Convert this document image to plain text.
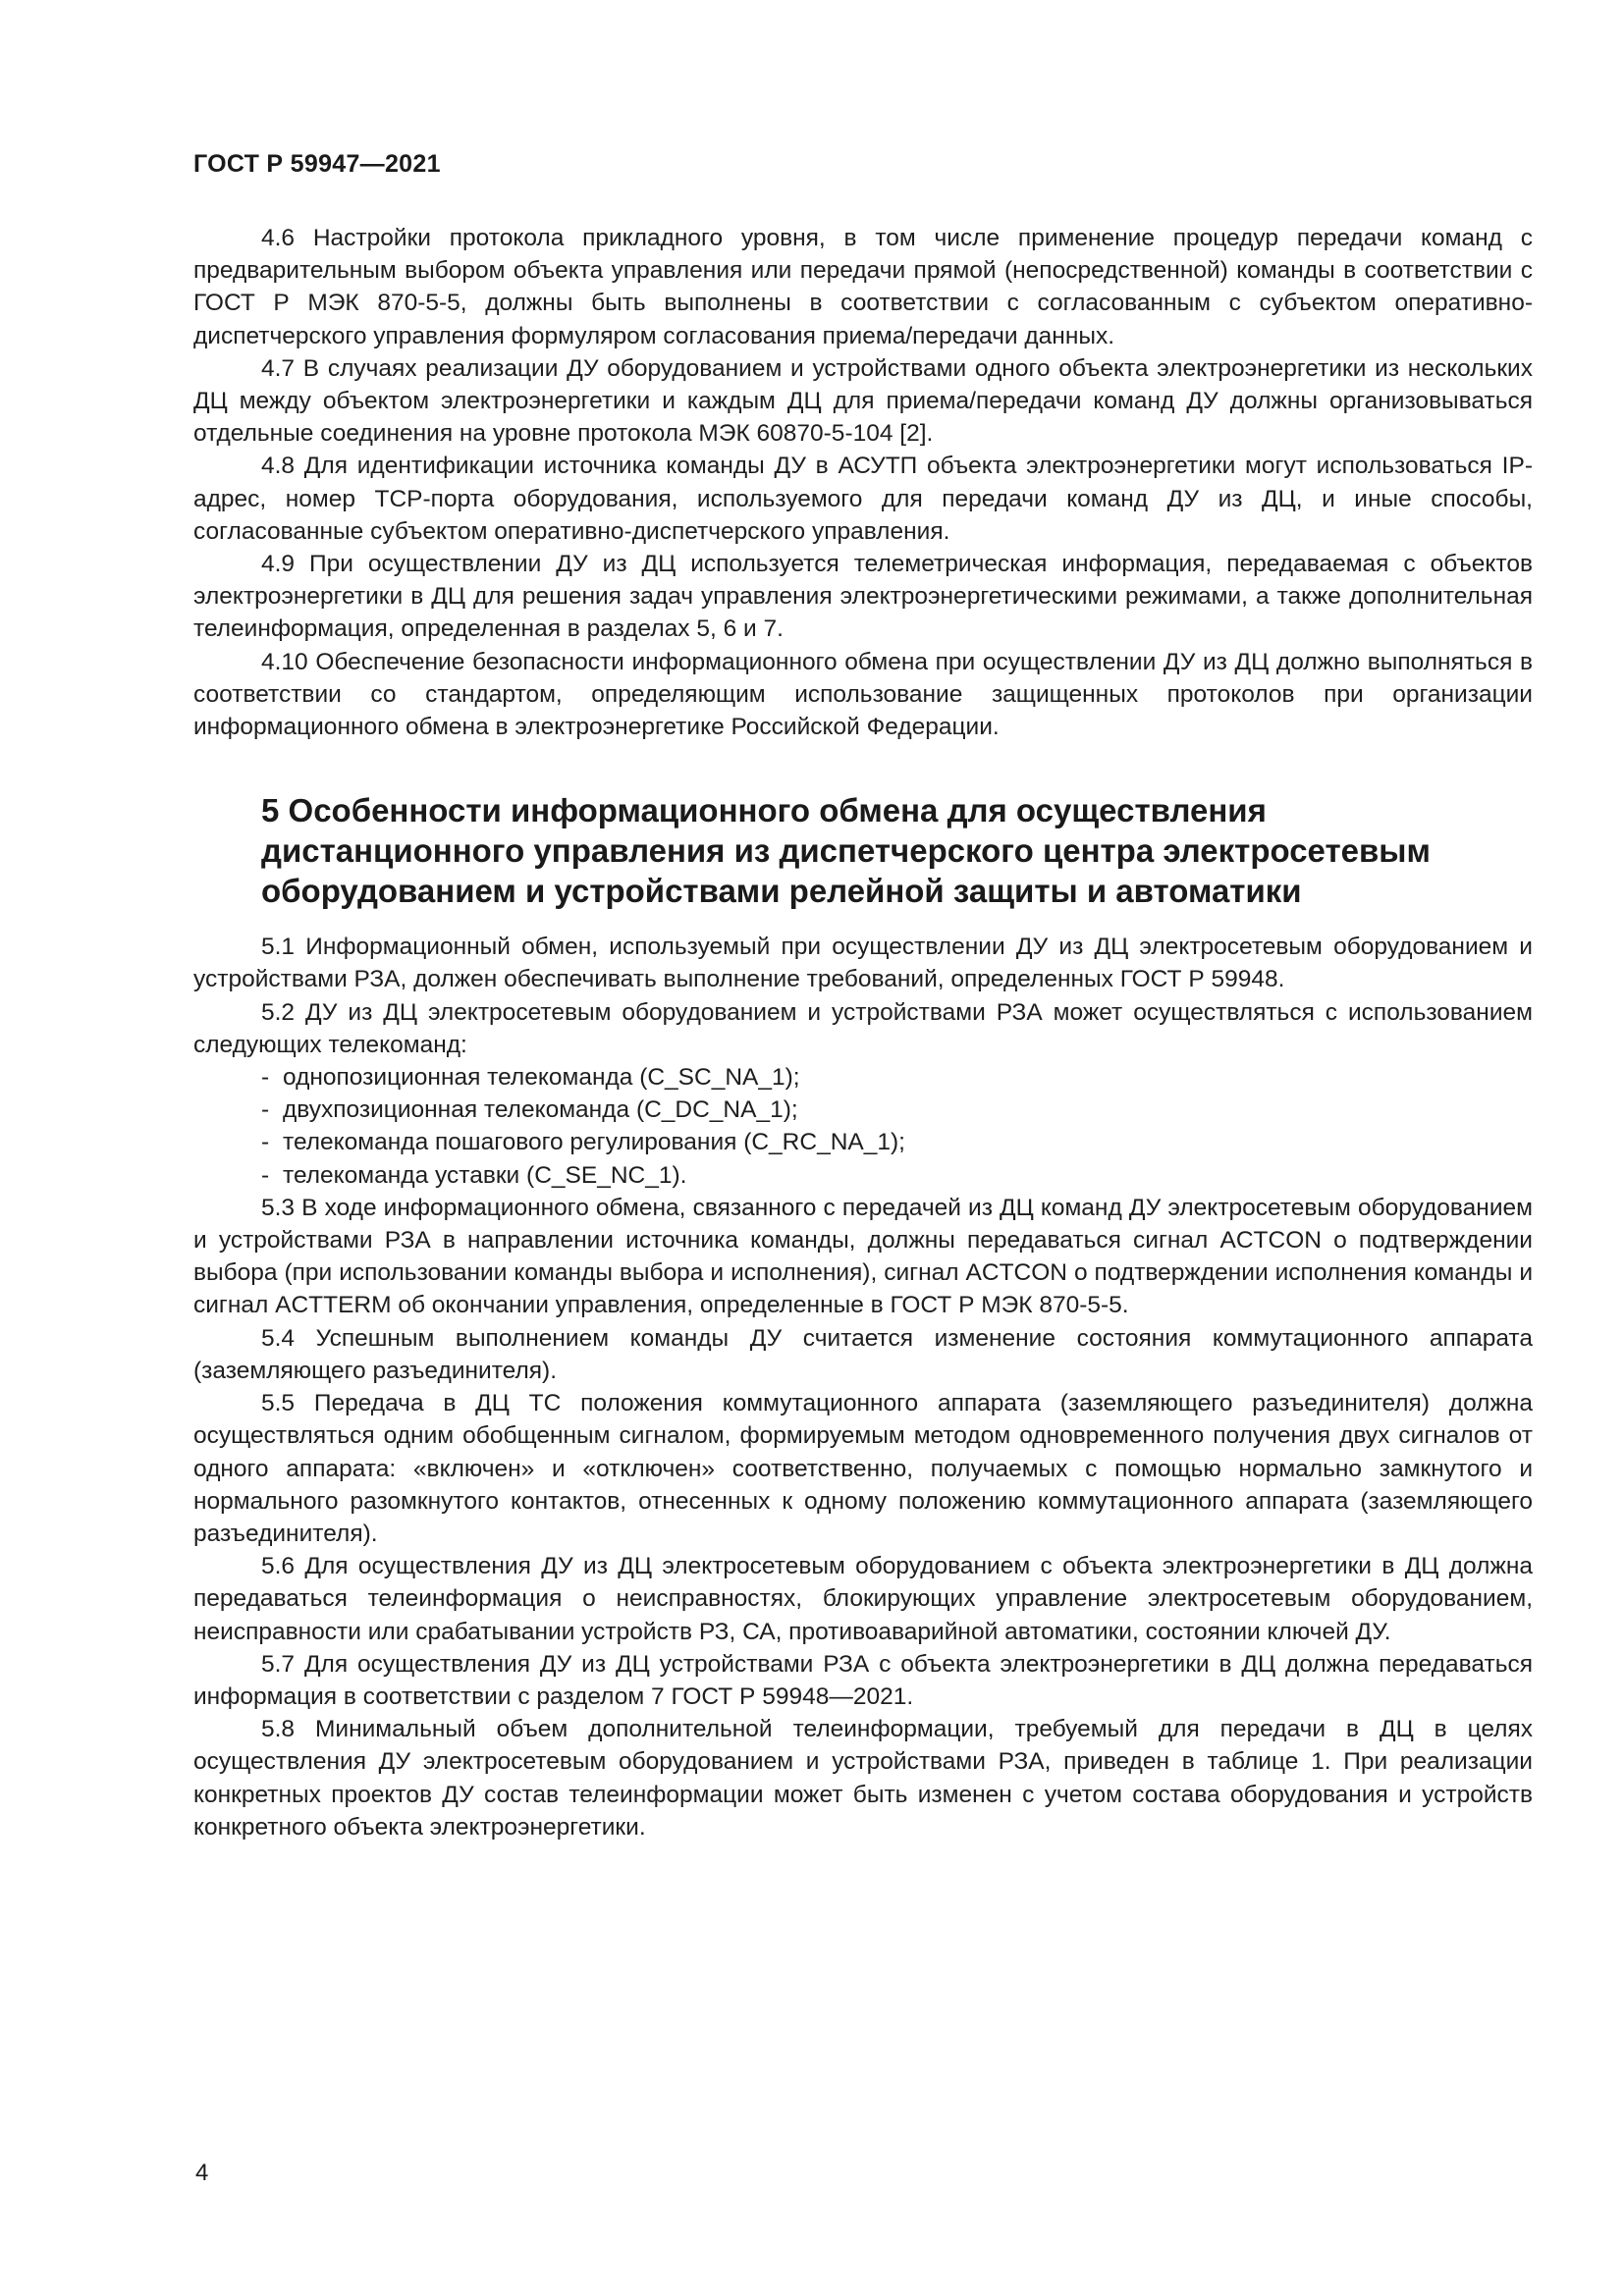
ГОСТ Р 59947—2021

4.6 Настройки протокола прикладного уровня, в том числе применение процедур передачи команд с предварительным выбором объекта управления или передачи прямой (непосредственной) команды в соответствии с ГОСТ Р МЭК 870-5-5, должны быть выполнены в соответствии с согласованным с субъектом оперативно-диспетчерского управления формуляром согласования приема/передачи данных.

4.7 В случаях реализации ДУ оборудованием и устройствами одного объекта электроэнергетики из нескольких ДЦ между объектом электроэнергетики и каждым ДЦ для приема/передачи команд ДУ должны организовываться отдельные соединения на уровне протокола МЭК 60870-5-104 [2].

4.8 Для идентификации источника команды ДУ в АСУТП объекта электроэнергетики могут использоваться IP-адрес, номер TCP-порта оборудования, используемого для передачи команд ДУ из ДЦ, и иные способы, согласованные субъектом оперативно-диспетчерского управления.

4.9 При осуществлении ДУ из ДЦ используется телеметрическая информация, передаваемая с объектов электроэнергетики в ДЦ для решения задач управления электроэнергетическими режимами, а также дополнительная телеинформация, определенная в разделах 5, 6 и 7.

4.10 Обеспечение безопасности информационного обмена при осуществлении ДУ из ДЦ должно выполняться в соответствии со стандартом, определяющим использование защищенных протоколов при организации информационного обмена в электроэнергетике Российской Федерации.

5 Особенности информационного обмена для осуществления дистанционного управления из диспетчерского центра электросетевым оборудованием и устройствами релейной защиты и автоматики

5.1 Информационный обмен, используемый при осуществлении ДУ из ДЦ электросетевым оборудованием и устройствами РЗА, должен обеспечивать выполнение требований, определенных ГОСТ Р 59948.

5.2 ДУ из ДЦ электросетевым оборудованием и устройствами РЗА может осуществляться с использованием следующих телекоманд:

- однопозиционная телекоманда (C_SC_NA_1);
- двухпозиционная телекоманда (C_DC_NA_1);
- телекоманда пошагового регулирования (C_RC_NA_1);
- телекоманда уставки (C_SE_NC_1).

5.3 В ходе информационного обмена, связанного с передачей из ДЦ команд ДУ электросетевым оборудованием и устройствами РЗА в направлении источника команды, должны передаваться сигнал ACTCON о подтверждении выбора (при использовании команды выбора и исполнения), сигнал ACTCON о подтверждении исполнения команды и сигнал ACTTERM об окончании управления, определенные в ГОСТ Р МЭК 870-5-5.

5.4 Успешным выполнением команды ДУ считается изменение состояния коммутационного аппарата (заземляющего разъединителя).

5.5 Передача в ДЦ ТС положения коммутационного аппарата (заземляющего разъединителя) должна осуществляться одним обобщенным сигналом, формируемым методом одновременного получения двух сигналов от одного аппарата: «включен» и «отключен» соответственно, получаемых с помощью нормально замкнутого и нормального разомкнутого контактов, отнесенных к одному положению коммутационного аппарата (заземляющего разъединителя).

5.6 Для осуществления ДУ из ДЦ электросетевым оборудованием с объекта электроэнергетики в ДЦ должна передаваться телеинформация о неисправностях, блокирующих управление электросетевым оборудованием, неисправности или срабатывании устройств РЗ, СА, противоаварийной автоматики, состоянии ключей ДУ.

5.7 Для осуществления ДУ из ДЦ устройствами РЗА с объекта электроэнергетики в ДЦ должна передаваться информация в соответствии с разделом 7 ГОСТ Р 59948—2021.

5.8 Минимальный объем дополнительной телеинформации, требуемый для передачи в ДЦ в целях осуществления ДУ электросетевым оборудованием и устройствами РЗА, приведен в таблице 1. При реализации конкретных проектов ДУ состав телеинформации может быть изменен с учетом состава оборудования и устройств конкретного объекта электроэнергетики.

4
